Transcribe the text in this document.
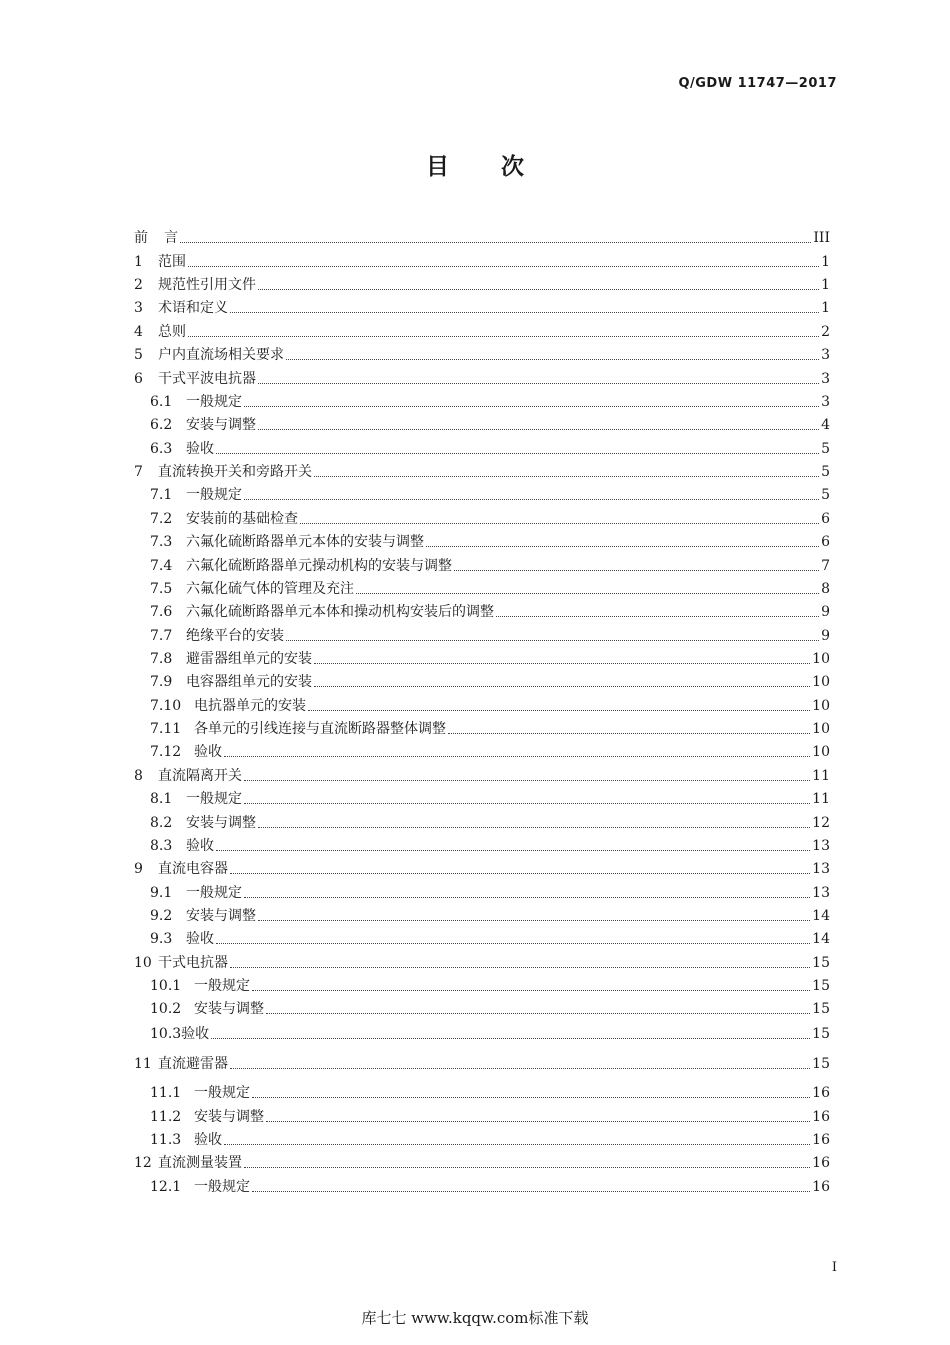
Q/GDW 11747—2017
目次
前	言	III
1	范围	1
2	规范性引用文件	1
3	术语和定义	1
4	总则	2
5	户内直流场相关要求	3
6	干式平波电抗器	3
6.1 一般规定	3
6.2 安装与调整	4
6.3 验收	5
7	直流转换开关和旁路开关	5
7.1 一般规定	5
7.2 安装前的基础检查	6
7.3 六氟化硫断路器单元本体的安装与调整	6
7.4 六氟化硫断路器单元操动机构的安装与调整	7
7.5 六氟化硫气体的管理及充注	8
7.6 六氟化硫断路器单元本体和操动机构安装后的调整	9
7.7 绝缘平台的安装	9
7.8 避雷器组单元的安装	10
7.9 电容器组单元的安装	10
7.10 电抗器单元的安装	10
7.11 各单元的引线连接与直流断路器整体调整	10
7.12 验收	10
8	直流隔离开关	11
8.1 一般规定	11
8.2 安装与调整	12
8.3 验收	13
9	直流电容器	13
9.1 一般规定	13
9.2 安装与调整	14
9.3 验收	14
10 干式电抗器	15
10.1 一般规定	15
10.2 安装与调整	15
10.3 验收	15
11 直流避雷器	15
11.1 一般规定	16
11.2 安装与调整	16
11.3 验收	16
12 直流测量装置	16
12.1 一般规定	16
I
库七七 www.kqqw.com标准下载
